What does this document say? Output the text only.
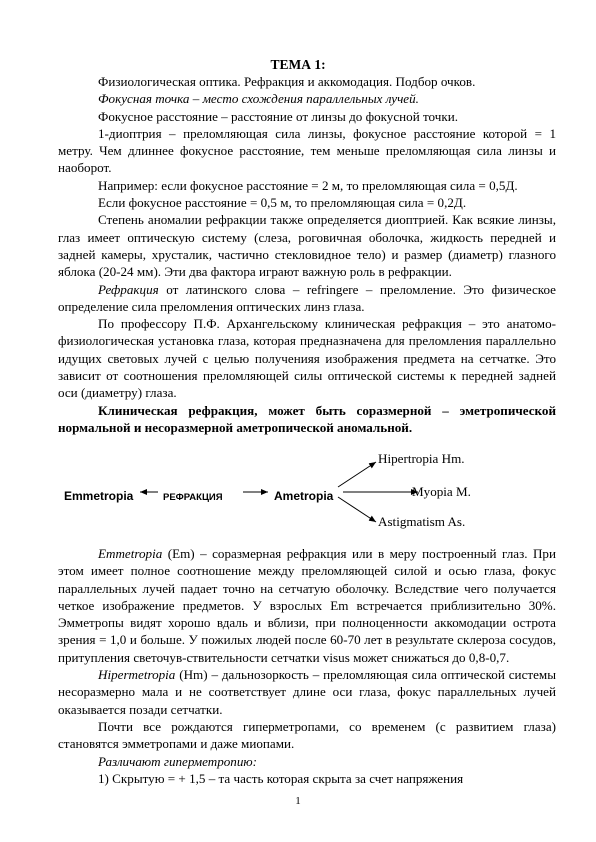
ТЕМА 1:

Физиологическая оптика. Рефракция и аккомодация. Подбор очков.

Фокусная точка – место схождения параллельных лучей.

Фокусное расстояние – расстояние от линзы до фокусной точки.

1-диоптрия – преломляющая сила линзы, фокусное расстояние которой = 1 метру. Чем длиннее фокусное расстояние, тем меньше преломляющая сила линзы и наоборот.

Например: если фокусное расстояние = 2 м, то преломляющая сила = 0,5Д.

Если фокусное расстояние = 0,5 м, то преломляющая сила = 0,2Д.

Степень аномалии рефракции также определяется диоптрией. Как всякие линзы, глаз имеет оптическую систему (слеза, роговичная оболочка, жидкость передней и задней камеры, хрусталик, частично стекловидное тело) и размер (диаметр) глазного яблока (20-24 мм). Эти два фактора играют важную роль в рефракции.

Рефракция от латинского слова – refringere – преломление. Это физическое определение сила преломления оптических линз глаза.

По профессору П.Ф. Архангельскому клиническая рефракция – это анатомо-физиологическая установка глаза, которая предназначена для преломления параллельно идущих световых лучей с целью полученияя изображения предмета на сетчатке. Это зависит от соотношения преломляющей силы оптической системы к передней задней оси (диаметру) глаза.

Клиническая рефракция, может быть соразмерной – эметропической нормальной и несоразмерной аметропической аномальной.

Emmetropia	РЕФРАКЦИЯ	Ametropia
Hipertropia Hm.
Myopia M.
Astigmatism As.

Emmetropia (Em) – соразмерная рефракция или в меру построенный глаз. При этом имеет полное соотношение между преломляющей силой и осью глаза, фокус параллельных лучей падает точно на сетчатую оболочку. Вследствие чего получается четкое изображение предметов. У взрослых Em встречается приблизительно 30%. Эмметропы видят хорошо вдаль и вблизи, при полноценности аккомодации острота зрения = 1,0 и больше. У пожилых людей после 60-70 лет в результате склероза сосудов, притупления светочув-ствительности сетчатки visus может снижаться до 0,8-0,7.

Hipermetropia (Hm) – дальнозоркость – преломляющая сила оптической системы несоразмерно мала и не соответствует длине оси глаза, фокус параллельных лучей оказывается позади сетчатки.

Почти все рождаются гиперметропами, со временем (с развитием глаза) становятся эмметропами и даже миопами.

Различают гиперметропию:

1) Скрытую = + 1,5 – та часть которая скрыта за счет напряжения

1
